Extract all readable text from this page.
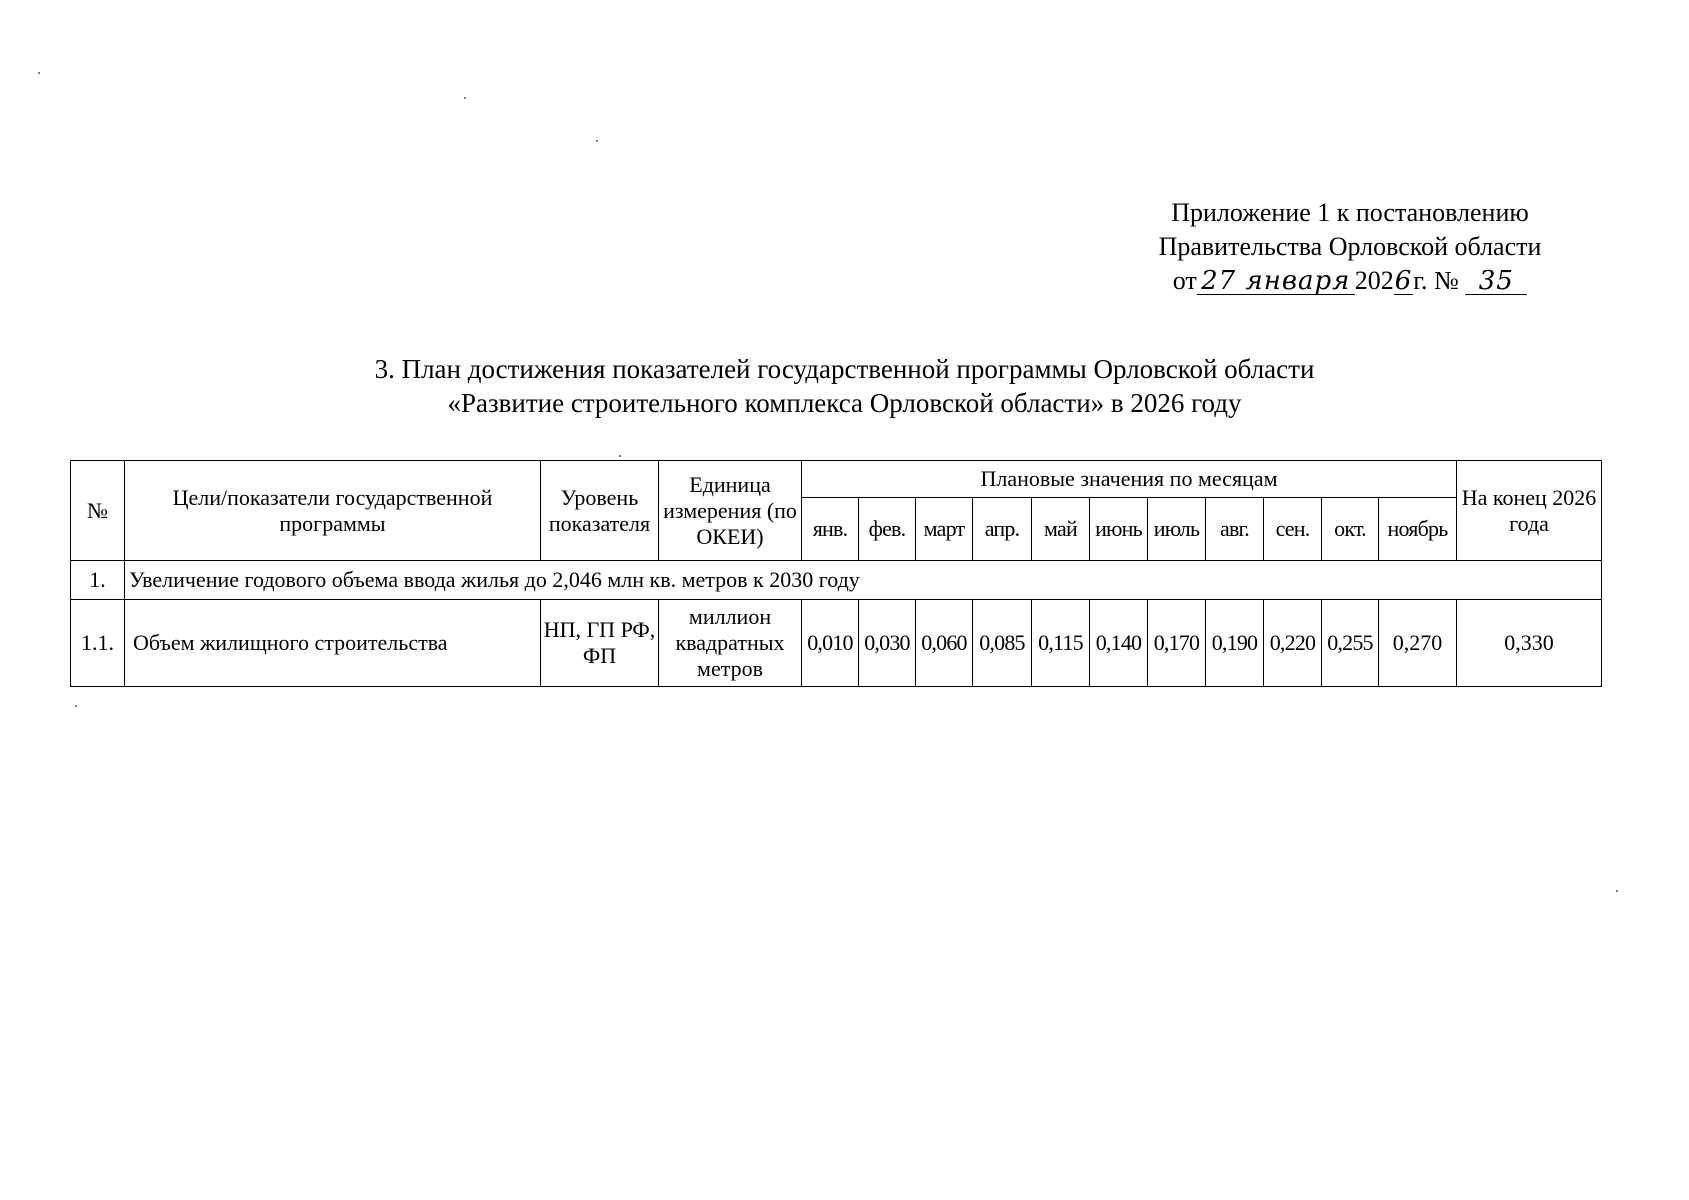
Приложение 1 к постановлению
Правительства Орловской области
от 27 января 2026г. № 35
3. План достижения показателей государственной программы Орловской области
«Развитие строительного комплекса Орловской области» в 2026 году
№	Цели/показатели государственной программы	Уровень показателя	Единица измерения (по ОКЕИ)	Плановые значения по месяцам											На конец 2026 года
				янв.	фев.	март	апр.	май	июнь	июль	авг.	сен.	окт.	ноябрь	
1.	Увеличение годового объема ввода жилья до 2,046 млн кв. метров к 2030 году														
1.1.	Объем жилищного строительства	НП, ГП РФ, ФП	миллион квадратных метров	0,010	0,030	0,060	0,085	0,115	0,140	0,170	0,190	0,220	0,255	0,270	0,330
